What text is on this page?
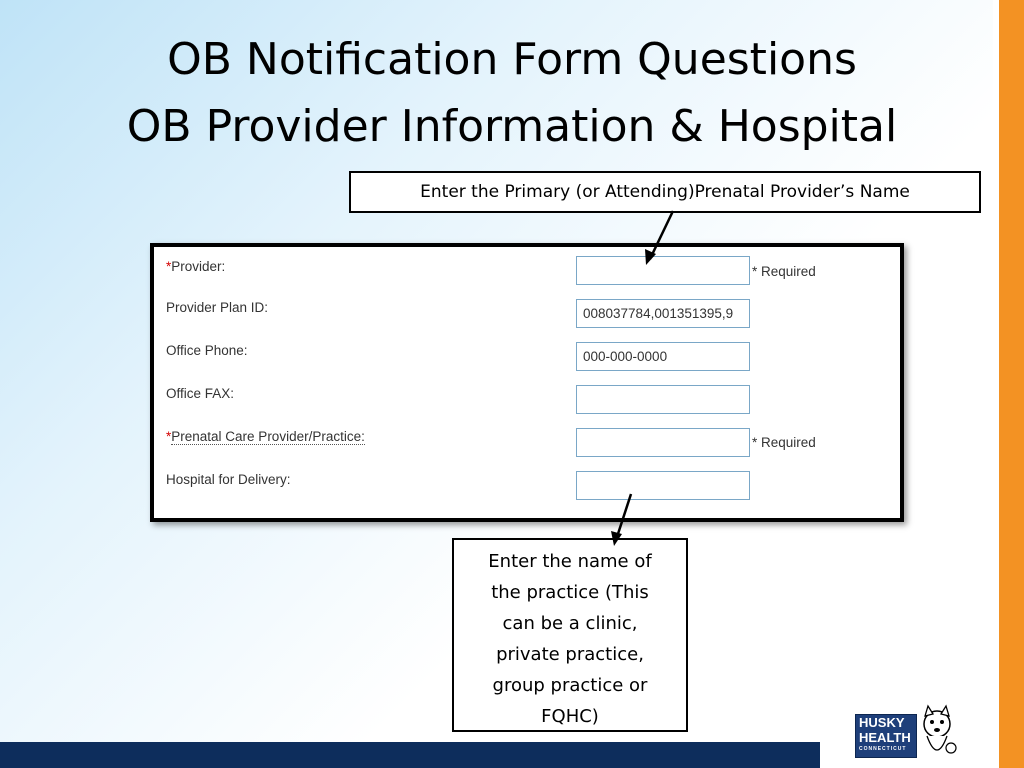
OB Notification Form Questions
OB Provider Information & Hospital
Enter the Primary (or Attending)Prenatal Provider’s Name
*Provider:	* Required
Provider Plan ID:	008037784,001351395,9
Office Phone:	000-000-0000
Office FAX:
*Prenatal Care Provider/Practice:	* Required
Hospital for Delivery:
Enter the name of
the practice (This
can be a clinic,
private practice,
group practice or
FQHC)	HUSKY
HEALTH
CONNECTICUT
